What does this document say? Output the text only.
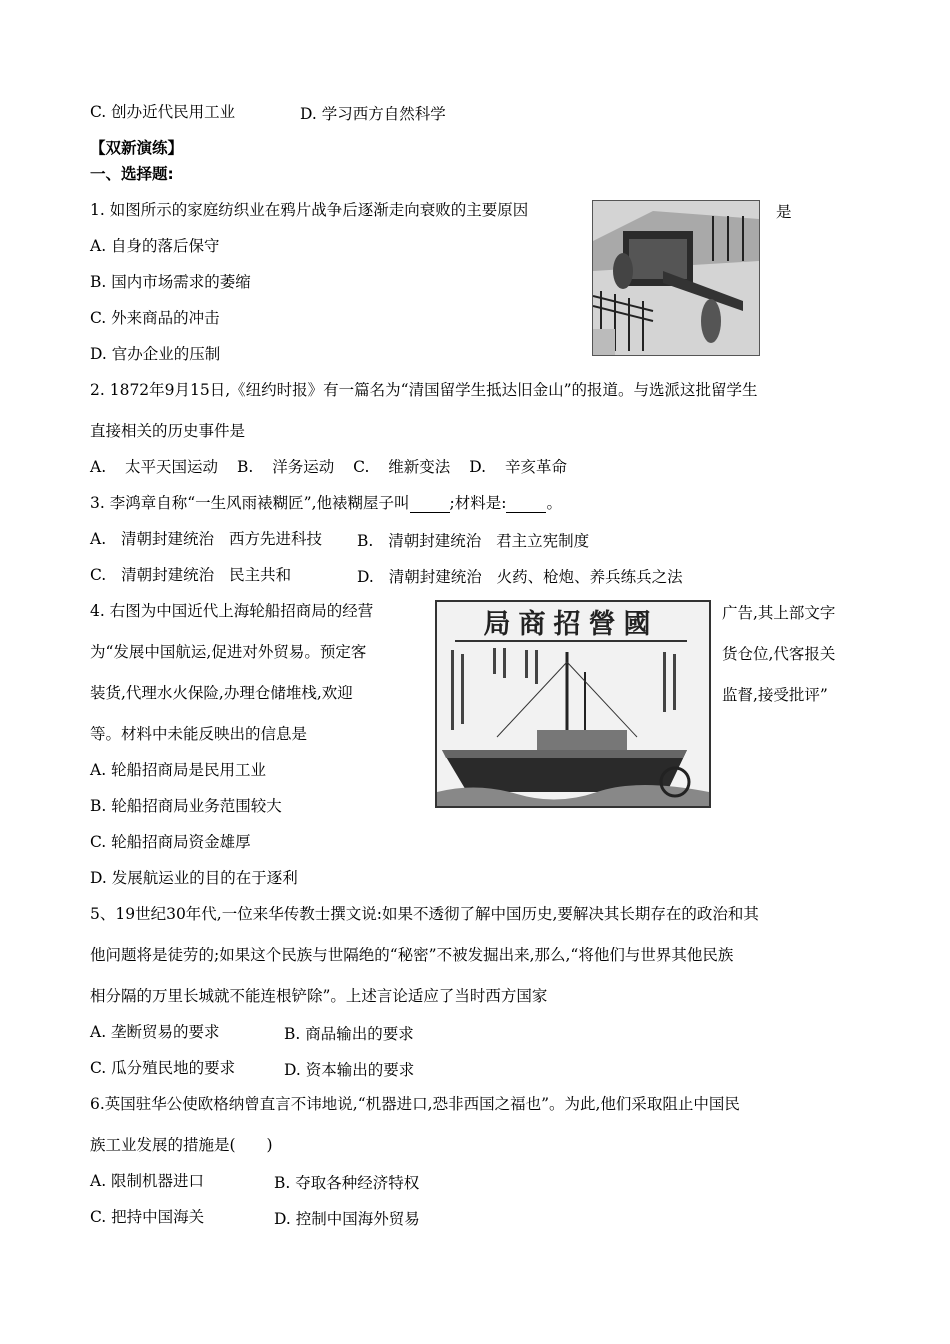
C. 创办近代民用工业	D. 学习西方自然科学
【双新演练】
一、选择题:
1. 如图所示的家庭纺织业在鸦片战争后逐渐走向衰败的主要原因	是
A. 自身的落后保守
B. 国内市场需求的萎缩
C. 外来商品的冲击
D. 官办企业的压制
2. 1872年9月15日,《纽约时报》有一篇名为“清国留学生抵达旧金山”的报道。与选派这批留学生
直接相关的历史事件是
A. 太平天国运动 B. 洋务运动 C. 维新变法 D. 辛亥革命
3. 李鸿章自称“一生风雨裱糊匠”,他裱糊屋子叫	;材料是:	。
A. 清朝封建统治 西方先进科技 B. 清朝封建统治 君主立宪制度
C. 清朝封建统治 民主共和	D. 清朝封建统治 火药、枪炮、养兵练兵之法
4. 右图为中国近代上海轮船招商局的经营	广告,其上部文字
为“发展中国航运,促进对外贸易。预定客	货仓位,代客报关
装货,代理水火保险,办理仓储堆栈,欢迎	监督,接受批评”
等。材料中未能反映出的信息是
A. 轮船招商局是民用工业
B. 轮船招商局业务范围较大
C. 轮船招商局资金雄厚
D. 发展航运业的目的在于逐利
局商招營國
5、19世纪30年代,一位来华传教士撰文说:如果不透彻了解中国历史,要解决其长期存在的政治和其
他问题将是徒劳的;如果这个民族与世隔绝的“秘密”不被发掘出来,那么,“将他们与世界其他民族
相分隔的万里长城就不能连根铲除”。上述言论适应了当时西方国家
A. 垄断贸易的要求	B. 商品输出的要求
C. 瓜分殖民地的要求	D. 资本输出的要求
6.英国驻华公使欧格纳曾直言不讳地说,“机器进口,恐非西国之福也”。为此,他们采取阻止中国民
族工业发展的措施是(　　)
A. 限制机器进口	B. 夺取各种经济特权
C. 把持中国海关	D. 控制中国海外贸易
